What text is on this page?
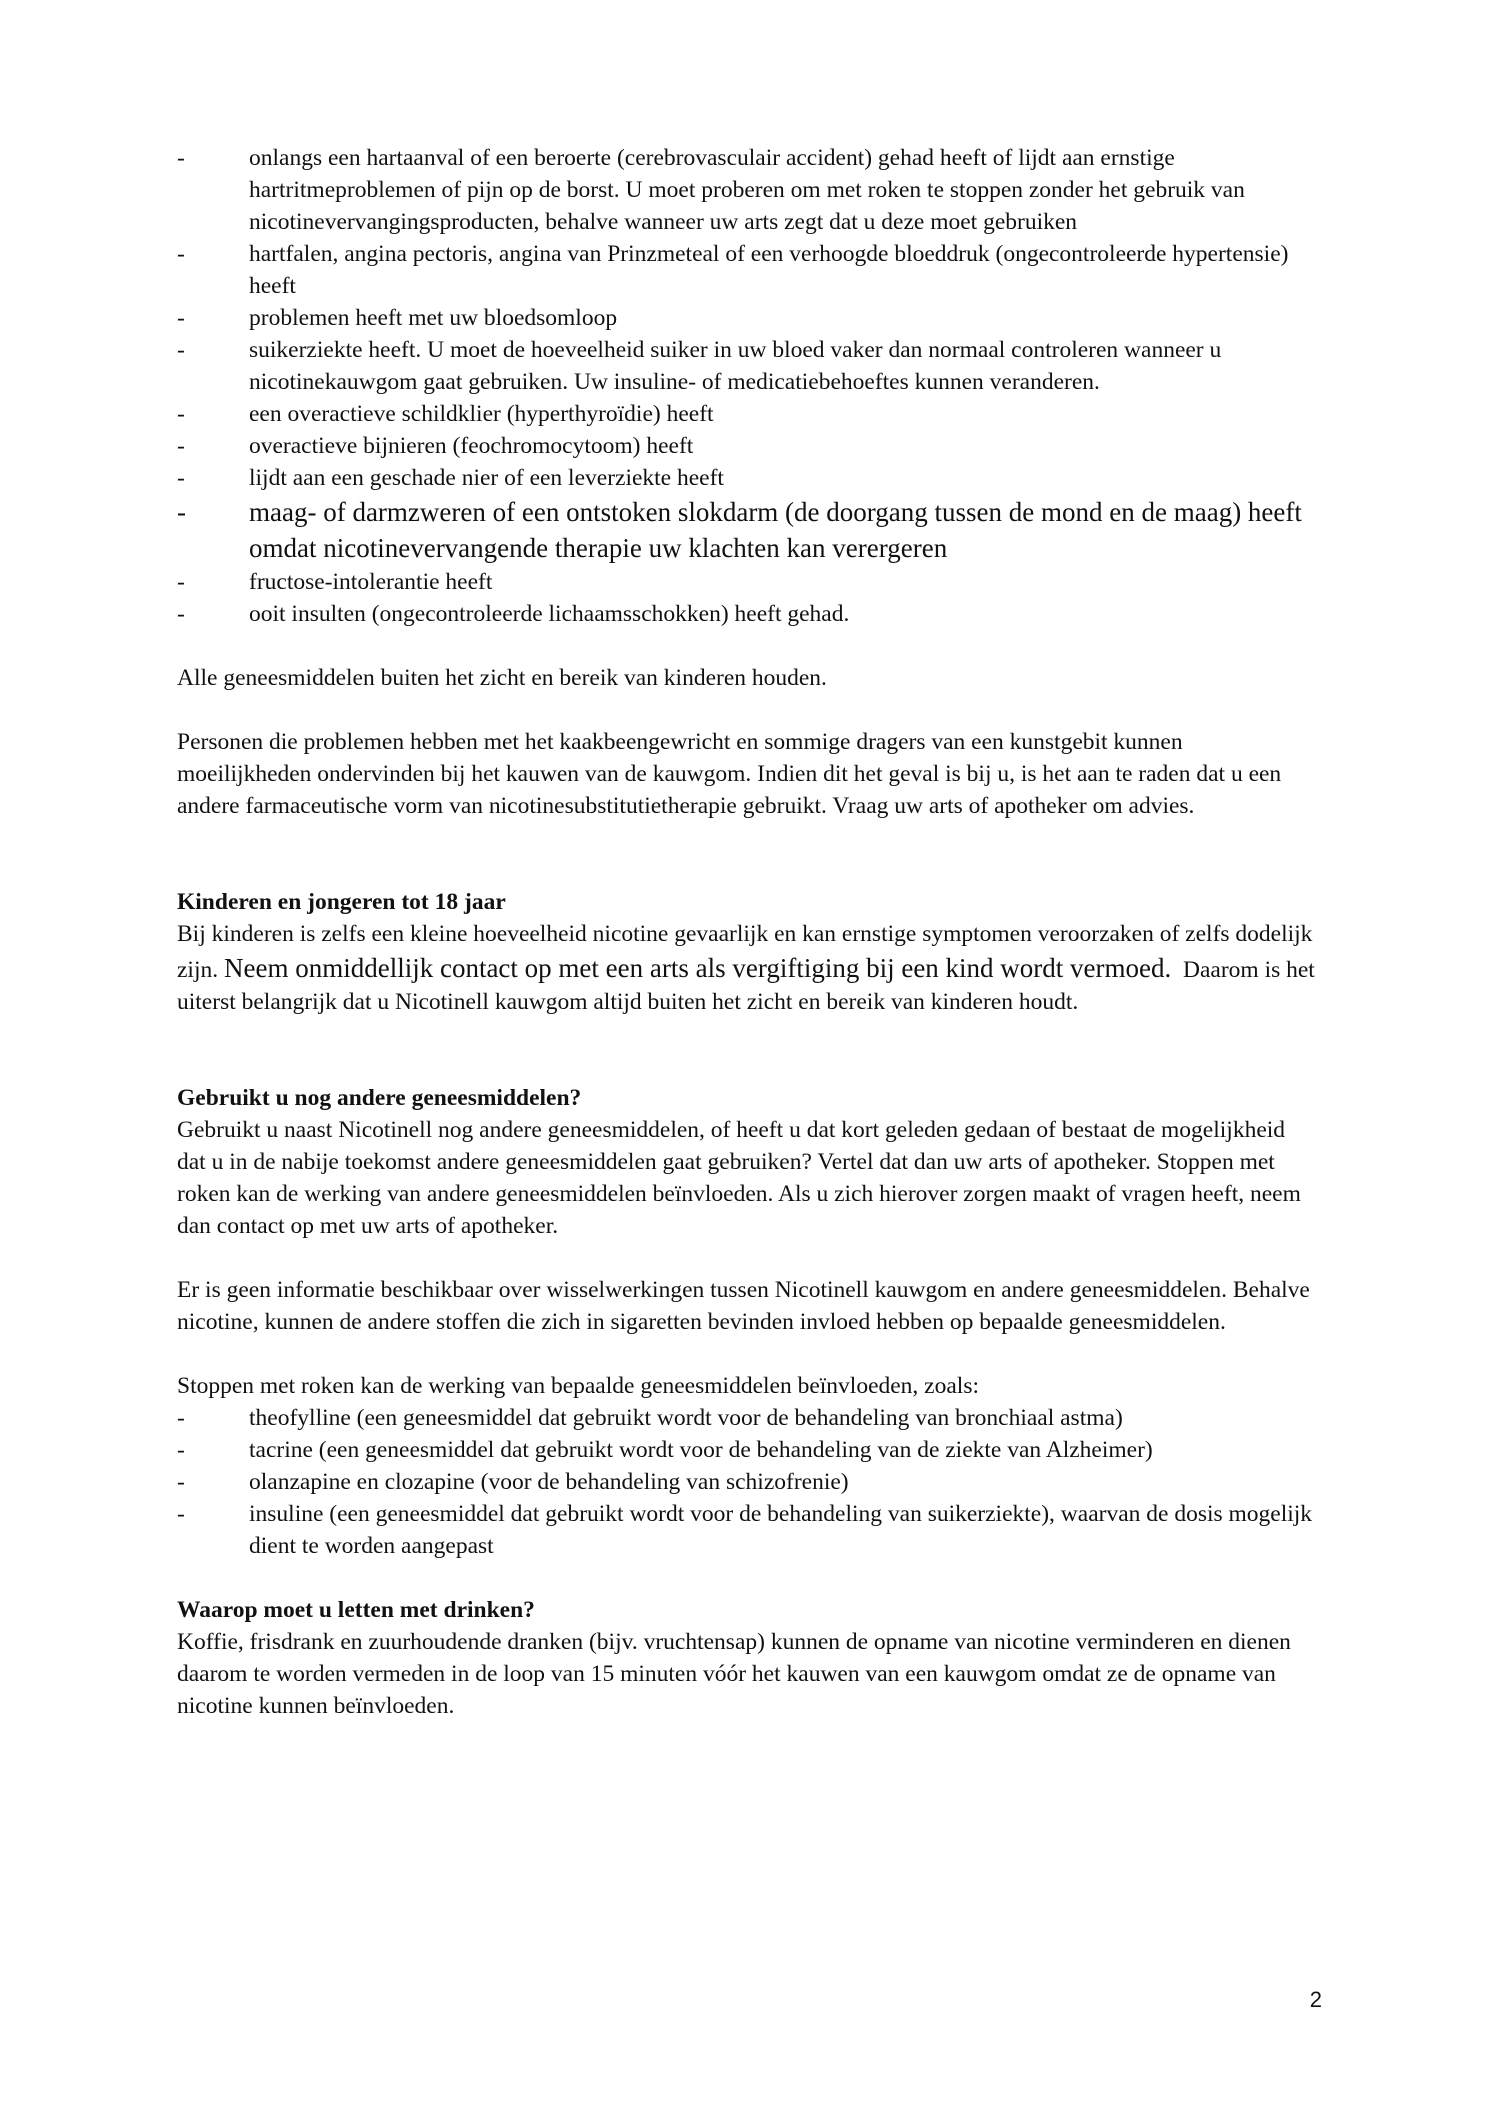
- onlangs een hartaanval of een beroerte (cerebrovasculair accident) gehad heeft of lijdt aan ernstige hartritmeproblemen of pijn op de borst. U moet proberen om met roken te stoppen zonder het gebruik van nicotinevervangingsproducten, behalve wanneer uw arts zegt dat u deze moet gebruiken
- hartfalen, angina pectoris, angina van Prinzmeteal of een verhoogde bloeddruk (ongecontroleerde hypertensie) heeft
- problemen heeft met uw bloedsomloop
- suikerziekte heeft. U moet de hoeveelheid suiker in uw bloed vaker dan normaal controleren wanneer u nicotinekauwgom gaat gebruiken. Uw insuline- of medicatiebehoeftes kunnen veranderen.
- een overactieve schildklier (hyperthyroïdie) heeft
- overactieve bijnieren (feochromocytoom) heeft
- lijdt aan een geschade nier of een leverziekte heeft
- maag- of darmzweren of een ontstoken slokdarm (de doorgang tussen de mond en de maag) heeft omdat nicotinevervangende therapie uw klachten kan verergeren
- fructose-intolerantie heeft
- ooit insulten (ongecontroleerde lichaamsschokken) heeft gehad.

Alle geneesmiddelen buiten het zicht en bereik van kinderen houden.

Personen die problemen hebben met het kaakbeengewricht en sommige dragers van een kunstgebit kunnen moeilijkheden ondervinden bij het kauwen van de kauwgom. Indien dit het geval is bij u, is het aan te raden dat u een andere farmaceutische vorm van nicotinesubstitutietherapie gebruikt. Vraag uw arts of apotheker om advies.

Kinderen en jongeren tot 18 jaar

Bij kinderen is zelfs een kleine hoeveelheid nicotine gevaarlijk en kan ernstige symptomen veroorzaken of zelfs dodelijk zijn. Neem onmiddellijk contact op met een arts als vergiftiging bij een kind wordt vermoed. Daarom is het uiterst belangrijk dat u Nicotinell kauwgom altijd buiten het zicht en bereik van kinderen houdt.

Gebruikt u nog andere geneesmiddelen?

Gebruikt u naast Nicotinell nog andere geneesmiddelen, of heeft u dat kort geleden gedaan of bestaat de mogelijkheid dat u in de nabije toekomst andere geneesmiddelen gaat gebruiken? Vertel dat dan uw arts of apotheker. Stoppen met roken kan de werking van andere geneesmiddelen beïnvloeden. Als u zich hierover zorgen maakt of vragen heeft, neem dan contact op met uw arts of apotheker.

Er is geen informatie beschikbaar over wisselwerkingen tussen Nicotinell kauwgom en andere geneesmiddelen. Behalve nicotine, kunnen de andere stoffen die zich in sigaretten bevinden invloed hebben op bepaalde geneesmiddelen.

Stoppen met roken kan de werking van bepaalde geneesmiddelen beïnvloeden, zoals:

- theofylline (een geneesmiddel dat gebruikt wordt voor de behandeling van bronchiaal astma)
- tacrine (een geneesmiddel dat gebruikt wordt voor de behandeling van de ziekte van Alzheimer)
- olanzapine en clozapine (voor de behandeling van schizofrenie)
- insuline (een geneesmiddel dat gebruikt wordt voor de behandeling van suikerziekte), waarvan de dosis mogelijk dient te worden aangepast
Waarop moet u letten met drinken?

Koffie, frisdrank en zuurhoudende dranken (bijv. vruchtensap) kunnen de opname van nicotine verminderen en dienen daarom te worden vermeden in de loop van 15 minuten vóór het kauwen van een kauwgom omdat ze de opname van nicotine kunnen beïnvloeden.

2
